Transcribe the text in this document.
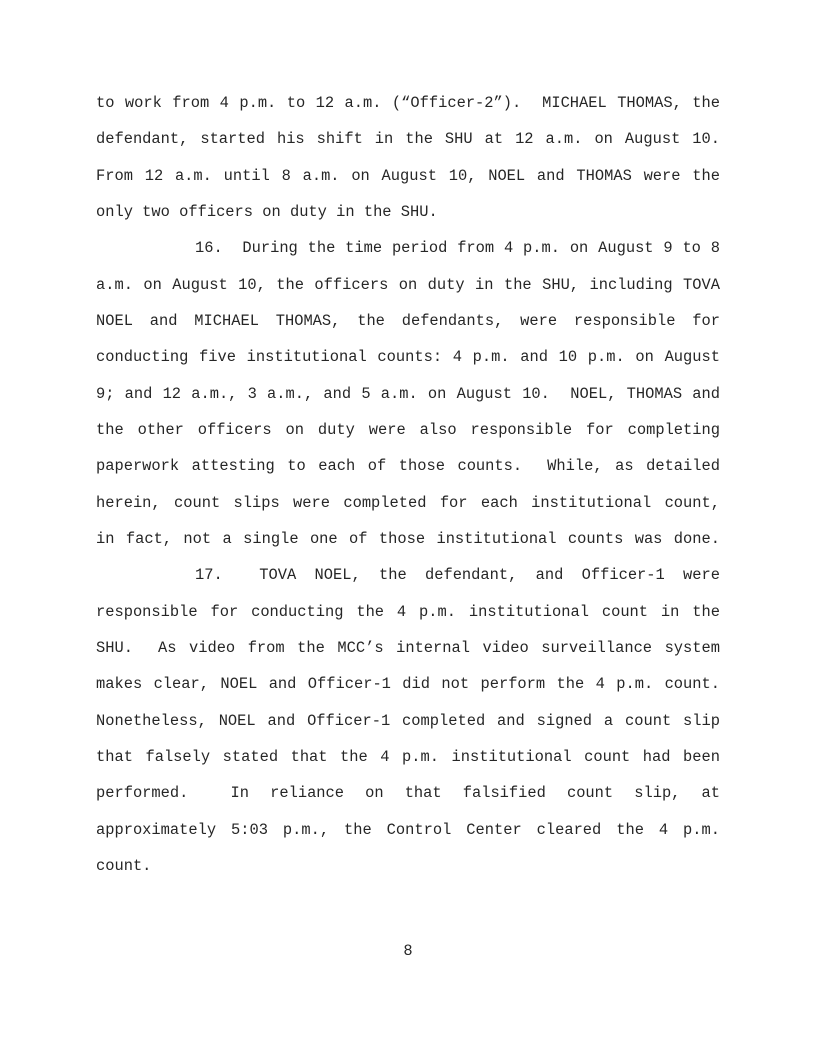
to work from 4 p.m. to 12 a.m. (“Officer-2”).  MICHAEL THOMAS, the
defendant, started his shift in the SHU at 12 a.m. on August 10.
From 12 a.m. until 8 a.m. on August 10, NOEL and THOMAS were the
only two officers on duty in the SHU.
16.  During the time period from 4 p.m. on August 9 to 8
a.m. on August 10, the officers on duty in the SHU, including TOVA
NOEL and MICHAEL THOMAS, the defendants, were responsible for
conducting five institutional counts: 4 p.m. and 10 p.m. on August
9; and 12 a.m., 3 a.m., and 5 a.m. on August 10.  NOEL, THOMAS and
the other officers on duty were also responsible for completing
paperwork attesting to each of those counts.  While, as detailed
herein, count slips were completed for each institutional count,
in fact, not a single one of those institutional counts was done.
17.  TOVA NOEL, the defendant, and Officer-1 were
responsible for conducting the 4 p.m. institutional count in the
SHU.  As video from the MCC’s internal video surveillance system
makes clear, NOEL and Officer-1 did not perform the 4 p.m. count.
Nonetheless, NOEL and Officer-1 completed and signed a count slip
that falsely stated that the 4 p.m. institutional count had been
performed.  In reliance on that falsified count slip, at
approximately 5:03 p.m., the Control Center cleared the 4 p.m.
count.
8
